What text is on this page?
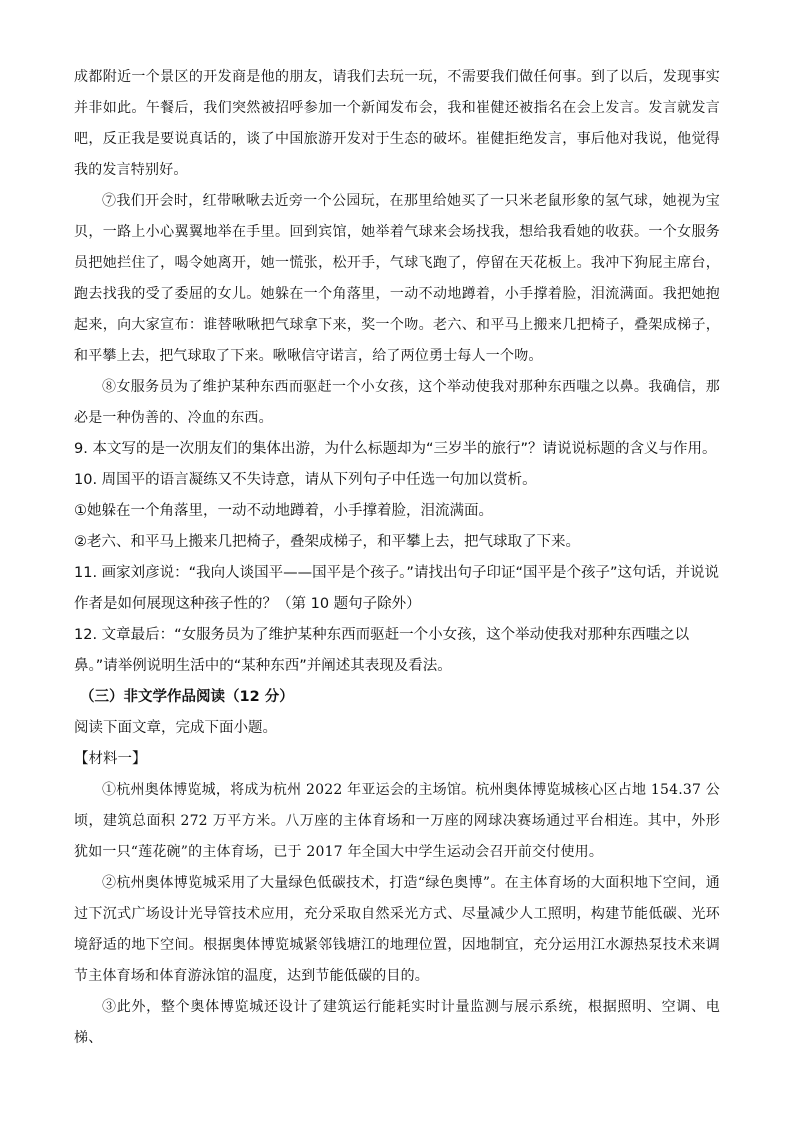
成都附近一个景区的开发商是他的朋友，请我们去玩一玩，不需要我们做任何事。到了以后，发现事实并非如此。午餐后，我们突然被招呼参加一个新闻发布会，我和崔健还被指名在会上发言。发言就发言吧，反正我是要说真话的，谈了中国旅游开发对于生态的破坏。崔健拒绝发言，事后他对我说，他觉得我的发言特别好。

⑦我们开会时，红带啾啾去近旁一个公园玩，在那里给她买了一只米老鼠形象的氢气球，她视为宝贝，一路上小心翼翼地举在手里。回到宾馆，她举着气球来会场找我，想给我看她的收获。一个女服务员把她拦住了，喝令她离开，她一慌张，松开手，气球飞跑了，停留在天花板上。我冲下狗屁主席台，跑去找我的受了委屈的女儿。她躲在一个角落里，一动不动地蹲着，小手撑着脸，泪流满面。我把她抱起来，向大家宣布：谁替啾啾把气球拿下来，奖一个吻。老六、和平马上搬来几把椅子，叠架成梯子，和平攀上去，把气球取了下来。啾啾信守诺言，给了两位勇士每人一个吻。

⑧女服务员为了维护某种东西而驱赶一个小女孩，这个举动使我对那种东西嗤之以鼻。我确信，那必是一种伪善的、冷血的东西。

9. 本文写的是一次朋友们的集体出游，为什么标题却为“三岁半的旅行”？请说说标题的含义与作用。

10. 周国平的语言凝练又不失诗意，请从下列句子中任选一句加以赏析。

①她躲在一个角落里，一动不动地蹲着，小手撑着脸，泪流满面。

②老六、和平马上搬来几把椅子，叠架成梯子，和平攀上去，把气球取了下来。

11. 画家刘彦说：“我向人谈国平——国平是个孩子。”请找出句子印证“国平是个孩子”这句话，并说说作者是如何展现这种孩子性的？（第 10 题句子除外）

12. 文章最后：“女服务员为了维护某种东西而驱赶一个小女孩，这个举动使我对那种东西嗤之以鼻。”请举例说明生活中的“某种东西”并阐述其表现及看法。

（三）非文学作品阅读（12 分）

阅读下面文章，完成下面小题。

【材料一】

①杭州奥体博览城，将成为杭州 2022 年亚运会的主场馆。杭州奥体博览城核心区占地 154.37 公顷，建筑总面积 272 万平方米。八万座的主体育场和一万座的网球决赛场通过平台相连。其中，外形犹如一只“莲花碗”的主体育场，已于 2017 年全国大中学生运动会召开前交付使用。

②杭州奥体博览城采用了大量绿色低碳技术，打造“绿色奥博”。在主体育场的大面积地下空间，通过下沉式广场设计光导管技术应用，充分采取自然采光方式、尽量减少人工照明，构建节能低碳、光环境舒适的地下空间。根据奥体博览城紧邻钱塘江的地理位置，因地制宜，充分运用江水源热泵技术来调节主体育场和体育游泳馆的温度，达到节能低碳的目的。

③此外，整个奥体博览城还设计了建筑运行能耗实时计量监测与展示系统，根据照明、空调、电梯、
